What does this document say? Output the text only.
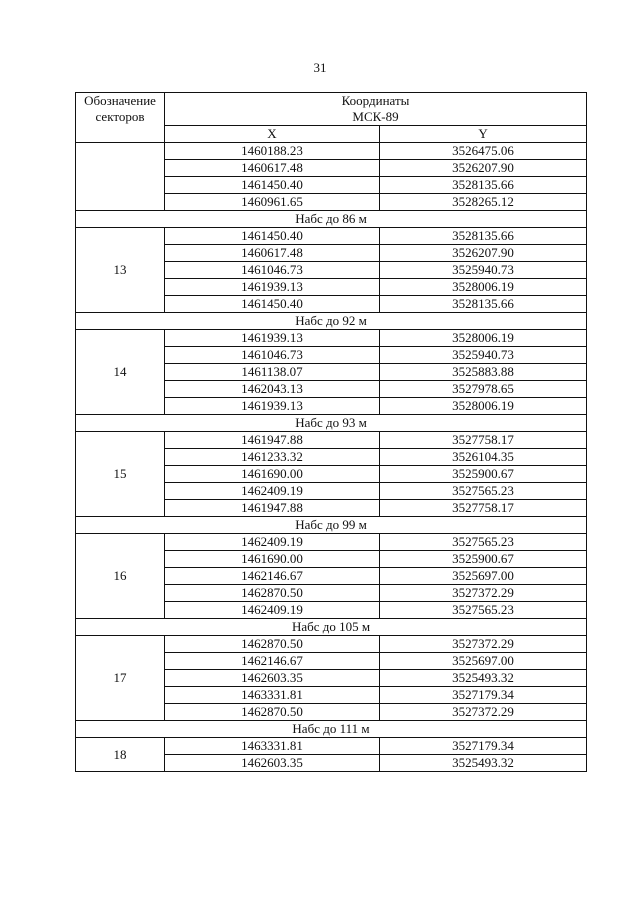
31
Обозначение секторов	Координаты
МСК-89	

	X	Y
	1460188.23	3526475.06
	1460617.48	3526207.90
	1461450.40	3528135.66
	1460961.65	3528265.12
Набс до 86 м		
13	1461450.40	3528135.66
	1460617.48	3526207.90
	1461046.73	3525940.73
	1461939.13	3528006.19
	1461450.40	3528135.66
Набс до 92 м		
14	1461939.13	3528006.19
	1461046.73	3525940.73
	1461138.07	3525883.88
	1462043.13	3527978.65
	1461939.13	3528006.19
Набс до 93 м		
15	1461947.88	3527758.17
	1461233.32	3526104.35
	1461690.00	3525900.67
	1462409.19	3527565.23
	1461947.88	3527758.17
Набс до 99 м		
16	1462409.19	3527565.23
	1461690.00	3525900.67
	1462146.67	3525697.00
	1462870.50	3527372.29
	1462409.19	3527565.23
Набс до 105 м		
17	1462870.50	3527372.29
	1462146.67	3525697.00
	1462603.35	3525493.32
	1463331.81	3527179.34
	1462870.50	3527372.29
Набс до 111 м		
18	1463331.81	3527179.34
	1462603.35	3525493.32
